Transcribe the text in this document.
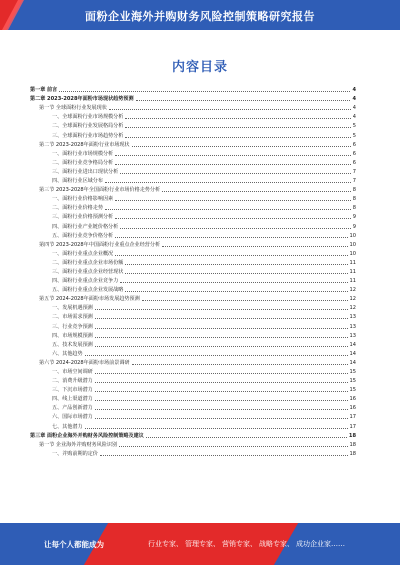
面粉企业海外并购财务风险控制策略研究报告
内容目录
第一章 前言	4
第二章 2023-2028年面粉市场现状趋势预测	4
第一节 全球面粉行业发展现状	4
一、全球面粉行业市场规模分析	4
二、全球面粉行业发展格局分析	5
三、全球面粉行业市场趋势分析	5
第二节 2023-2028年面粉行业市场现状	6
一、面粉行业市场规模分析	6
二、面粉行业竞争格局分析	6
三、面粉行业进出口现状分析	7
四、面粉行业区域分布	7
第三节 2023-2028年全国面粉行业市场价格走势分析	8
一、面粉行业价格影响因素	8
二、面粉行业价格走势	8
三、面粉行业价格预测分析	9
四、面粉行业产业链价格分析	9
五、面粉行业竞争价格分析	10
第四节 2023-2028年中国面粉行业重点企业经营分析	10
一、面粉行业重点企业概况	10
二、面粉行业重点企业市场份额	11
三、面粉行业重点企业经营现状	11
四、面粉行业重点企业竞争力	11
五、面粉行业重点企业发展战略	12
第五节 2024-2028年面粉市场发展趋势预测	12
一、发展机遇预测	12
二、市场需求预测	13
三、行业竞争预测	13
四、市场规模预测	13
五、技术发展预测	14
六、其他趋势	14
第六节 2024-2028年面粉市场前景调研	14
一、市场空间调研	15
二、消费升级潜力	15
三、下沉市场潜力	15
四、线上渠道潜力	16
五、产品创新潜力	16
六、国际市场潜力	17
七、其他潜力	17
第三章 面粉企业海外并购财务风险控制策略及建议	18
第一节 企业海外并购财务风险识别	18
一、并购前期的定价	18
让每个人都能成为	行业专家、 管理专家、 营销专家、 战略专家、 成功企业家……
